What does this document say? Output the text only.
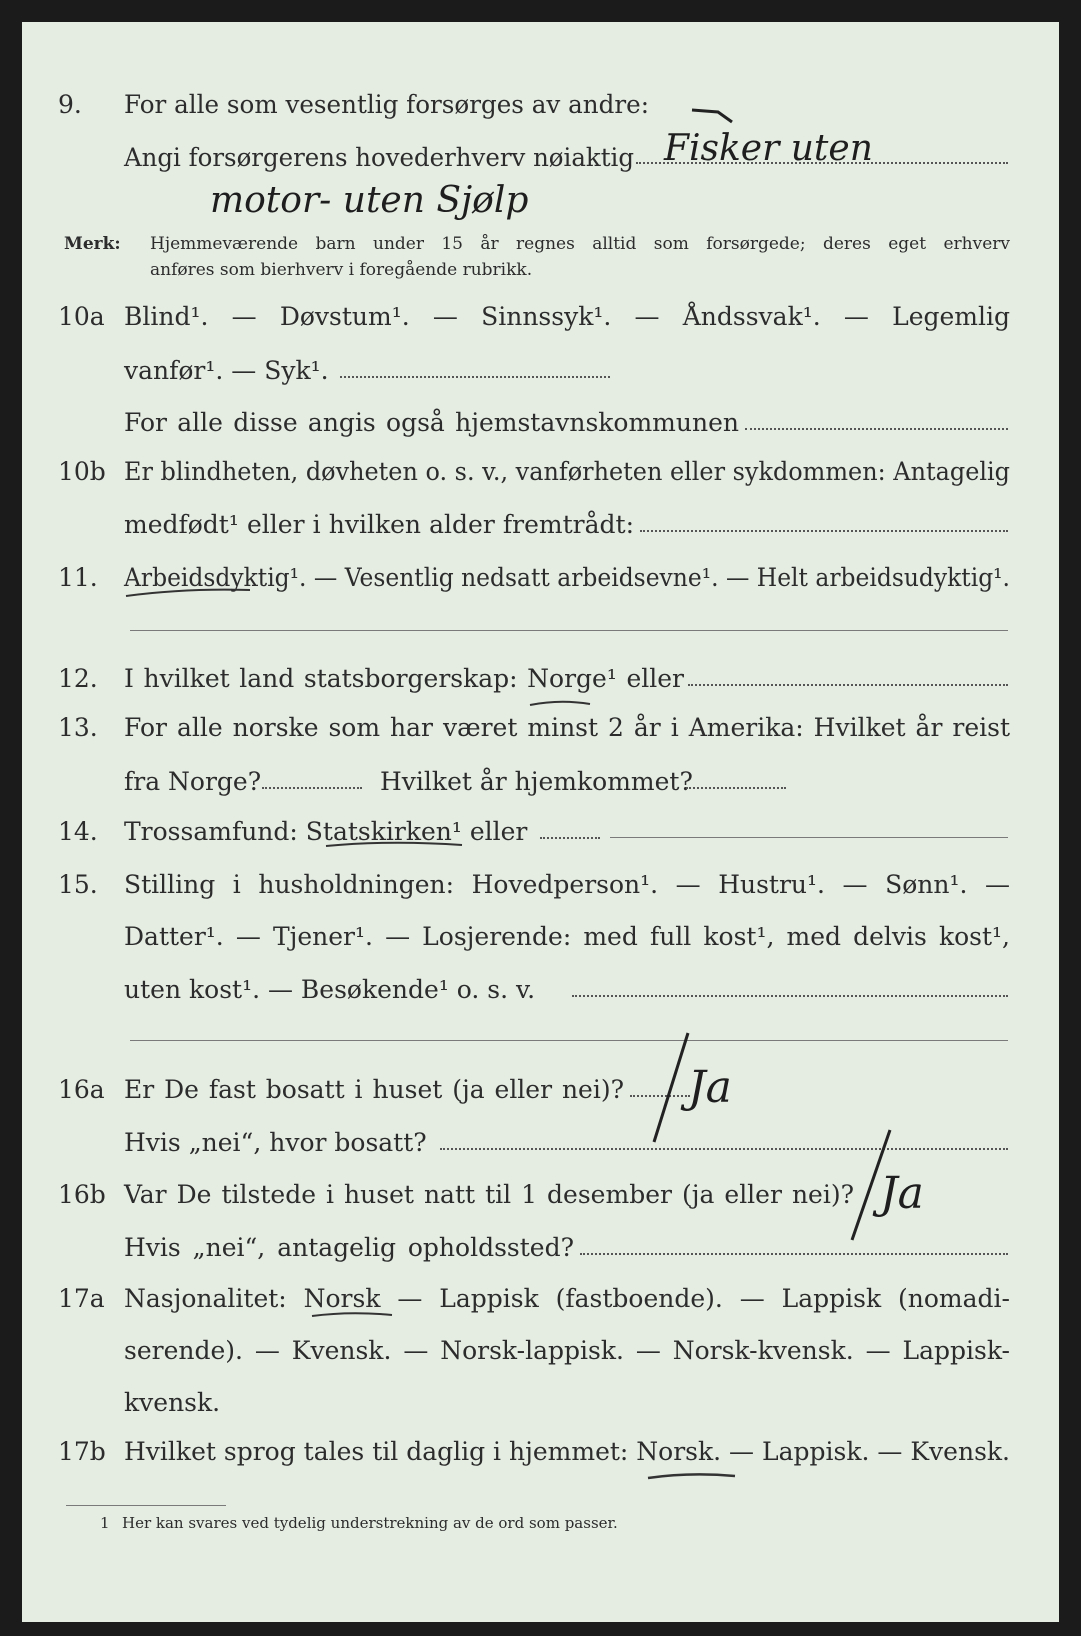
9. For alle som vesentlig forsørges av andre:
Angi forsørgerens hovederhverv nøiaktig Fisker uten
motor- uten Sjølp
Merk: Hjemmeværende barn under 15 år regnes alltid som forsørgede; deres eget erhverv
anføres som bierhverv i foregående rubrikk.
10a Blind¹. — Døvstum¹. — Sinnssyk¹. — Åndssvak¹. — Legemlig
vanfør¹. — Syk¹.
For alle disse angis også hjemstavnskommunen
10b Er blindheten, døvheten o. s. v., vanførheten eller sykdommen: Antagelig
medfødt¹ eller i hvilken alder fremtrådt:
11. Arbeidsdyktig¹. — Vesentlig nedsatt arbeidsevne¹. — Helt arbeidsudyktig¹.
12. I hvilket land statsborgerskap: Norge¹ eller
13. For alle norske som har været minst 2 år i Amerika: Hvilket år reist
fra Norge?	Hvilket år hjemkommet?
14. Trossamfund: Statskirken¹ eller
15. Stilling i husholdningen: Hovedperson¹. — Hustru¹. — Sønn¹. —
Datter¹. — Tjener¹. — Losjerende: med full kost¹, med delvis kost¹,
uten kost¹. — Besøkende¹ o. s. v.
16a Er De fast bosatt i huset (ja eller nei)? Ja
Hvis „nei“, hvor bosatt?
16b Var De tilstede i huset natt til 1 desember (ja eller nei)? Ja
Hvis „nei“, antagelig opholdssted?
17a Nasjonalitet: Norsk — Lappisk (fastboende). — Lappisk (nomadi-
serende). — Kvensk. — Norsk-lappisk. — Norsk-kvensk. — Lappisk-
kvensk.
17b Hvilket sprog tales til daglig i hjemmet: Norsk. — Lappisk. — Kvensk.
1 Her kan svares ved tydelig understrekning av de ord som passer.
